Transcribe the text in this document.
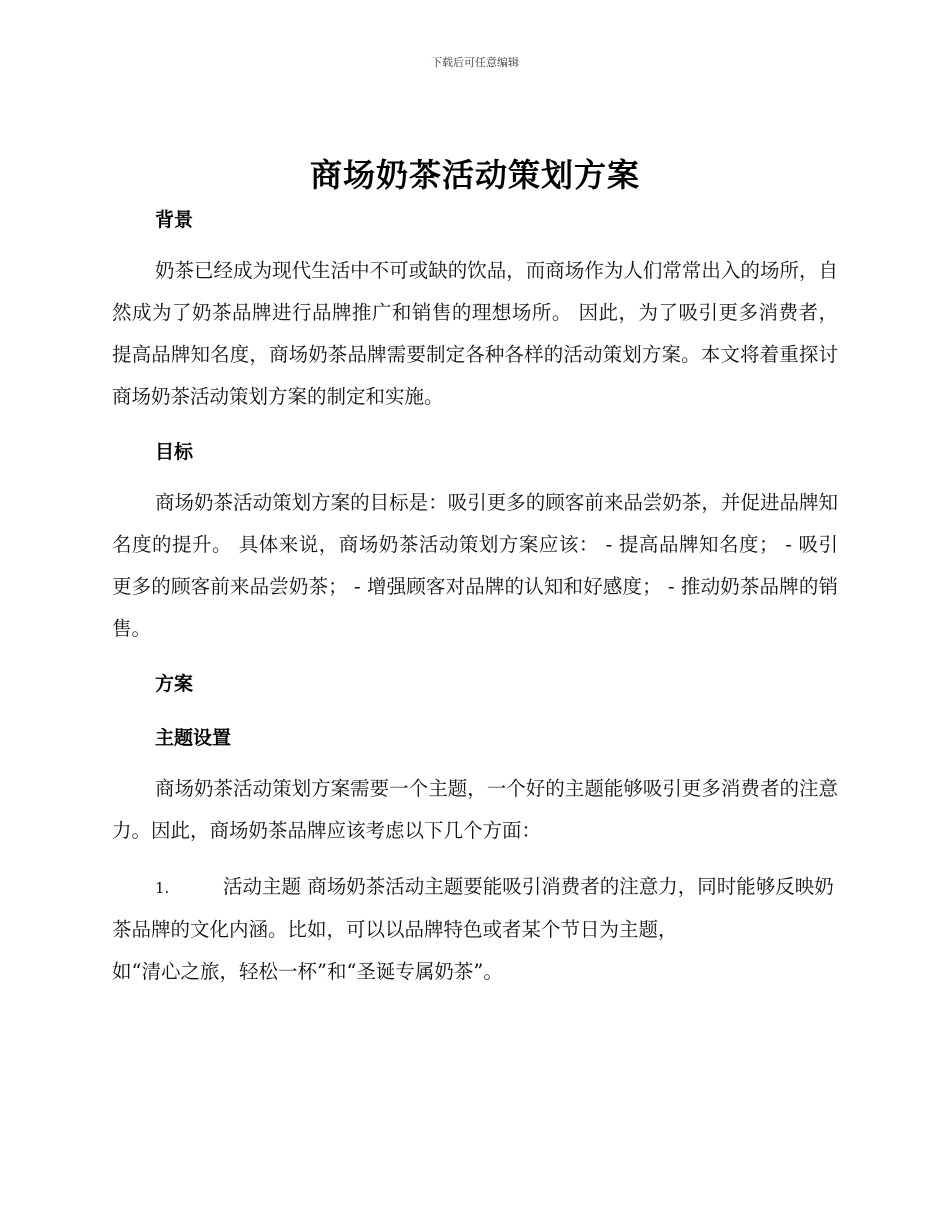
下载后可任意编辑
商场奶茶活动策划方案
背景

奶茶已经成为现代生活中不可或缺的饮品，而商场作为人们常常出入的场所，自然成为了奶茶品牌进行品牌推广和销售的理想场所。 因此，为了吸引更多消费者，提高品牌知名度，商场奶茶品牌需要制定各种各样的活动策划方案。本文将着重探讨商场奶茶活动策划方案的制定和实施。

目标

商场奶茶活动策划方案的目标是：吸引更多的顾客前来品尝奶茶，并促进品牌知名度的提升。 具体来说，商场奶茶活动策划方案应该： - 提高品牌知名度； - 吸引更多的顾客前来品尝奶茶； - 增强顾客对品牌的认知和好感度； - 推动奶茶品牌的销售。

方案
主题设置

商场奶茶活动策划方案需要一个主题，一个好的主题能够吸引更多消费者的注意力。因此，商场奶茶品牌应该考虑以下几个方面：

1.	活动主题 商场奶茶活动主题要能吸引消费者的注意力，同时能够反映奶茶品牌的文化内涵。比如，可以以品牌特色或者某个节日为主题，
如“清心之旅，轻松一杯”和“圣诞专属奶茶”。
